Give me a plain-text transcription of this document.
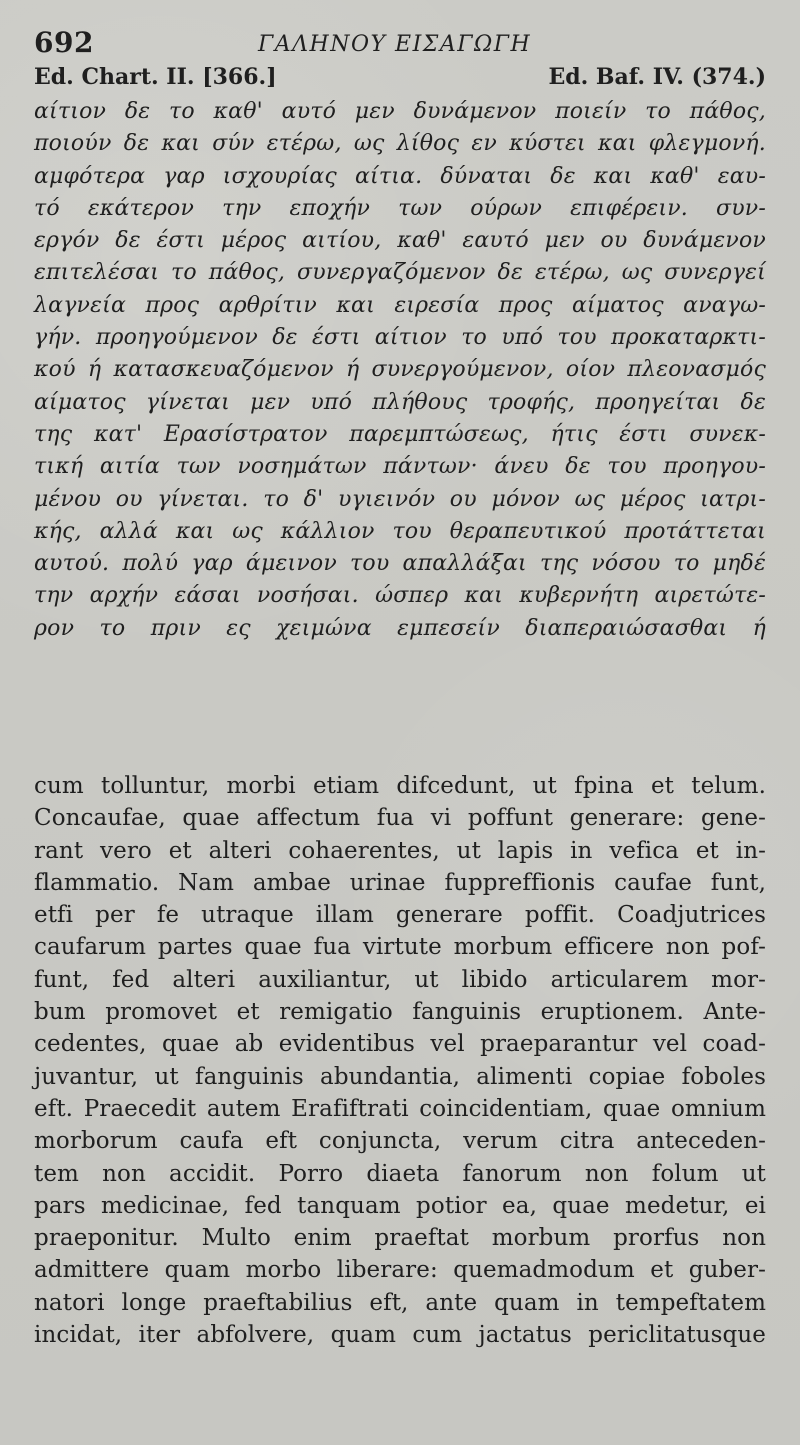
692	ΓΑΛΗΝΟΥ ΕΙΣΑΓΩΓΗ
Ed. Chart. II. [366.]	Ed. Baf. IV. (374.)
αίτιον δε το καθ' αυτό μεν δυνάμενον ποιείν το πάθος,
ποιούν δε και σύν ετέρω, ως λίθος εν κύστει και φλεγμονή.
αμφότερα γαρ ισχουρίας αίτια. δύναται δε και καθ' εαυ-
τό εκάτερον την εποχήν των ούρων επιφέρειν. συν-
εργόν δε έστι μέρος αιτίου, καθ' εαυτό μεν ου δυνάμενον
επιτελέσαι το πάθος, συνεργαζόμενον δε ετέρω, ως συνεργεί
λαγνεία προς αρθρίτιν και ειρεσία προς αίματος αναγω-
γήν. προηγούμενον δε έστι αίτιον το υπό του προκαταρκτι-
κού ή κατασκευαζόμενον ή συνεργούμενον, οίον πλεονασμός
αίματος γίνεται μεν υπό πλήθους τροφής, προηγείται δε
της κατ' Ερασίστρατον παρεμπτώσεως, ήτις έστι συνεκ-
τική αιτία των νοσημάτων πάντων· άνευ δε του προηγου-
μένου ου γίνεται. το δ' υγιεινόν ου μόνον ως μέρος ιατρι-
κής, αλλά και ως κάλλιον του θεραπευτικού προτάττεται
αυτού. πολύ γαρ άμεινον του απαλλάξαι της νόσου το μηδέ
την αρχήν εάσαι νοσήσαι. ώσπερ και κυβερνήτη αιρετώτε-
ρον το πριν ες χειμώνα εμπεσείν διαπεραιώσασθαι ή
cum tolluntur, morbi etiam difcedunt, ut fpina et telum.
Concaufae, quae affectum fua vi poffunt generare: gene-
rant vero et alteri cohaerentes, ut lapis in vefica et in-
flammatio. Nam ambae urinae fuppreffionis caufae funt,
etfi per fe utraque illam generare poffit. Coadjutrices
caufarum partes quae fua virtute morbum efficere non pof-
funt, fed alteri auxiliantur, ut libido articularem mor-
bum promovet et remigatio fanguinis eruptionem. Ante-
cedentes, quae ab evidentibus vel praeparantur vel coad-
juvantur, ut fanguinis abundantia, alimenti copiae foboles
eft. Praecedit autem Erafiftrati coincidentiam, quae omnium
morborum caufa eft conjuncta, verum citra anteceden-
tem non accidit. Porro diaeta fanorum non folum ut
pars medicinae, fed tanquam potior ea, quae medetur, ei
praeponitur. Multo enim praeftat morbum prorfus non
admittere quam morbo liberare: quemadmodum et guber-
natori longe praeftabilius eft, ante quam in tempeftatem
incidat, iter abfolvere, quam cum jactatus periclitatusque
